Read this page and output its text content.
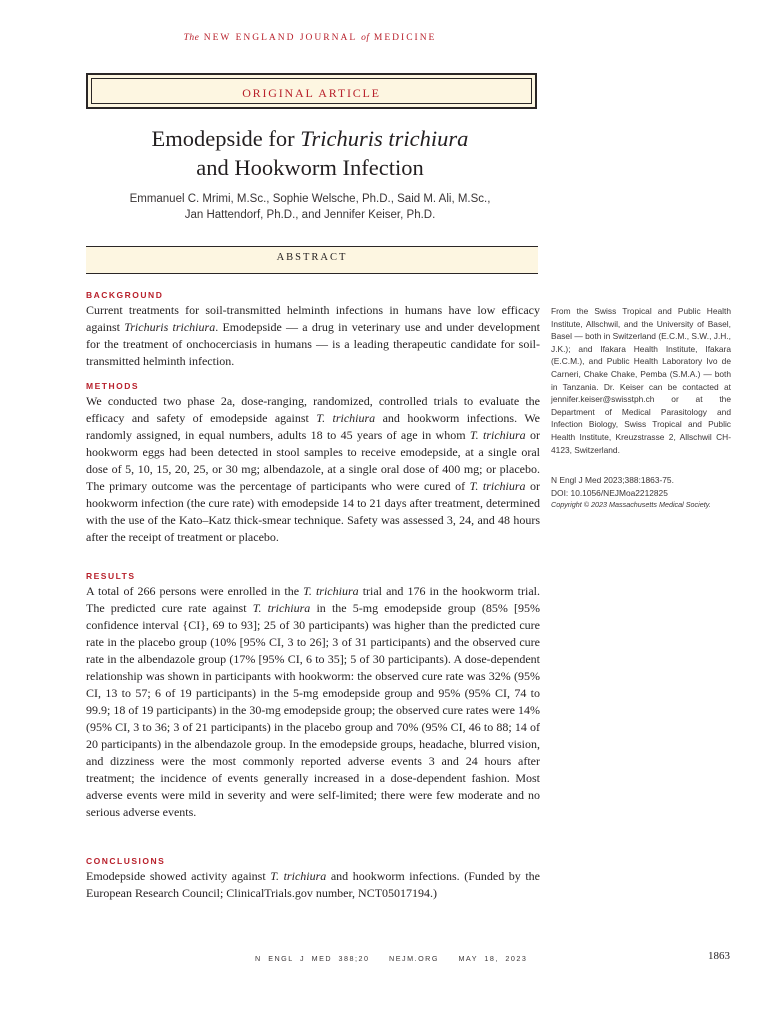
The NEW ENGLAND JOURNAL of MEDICINE
ORIGINAL ARTICLE
Emodepside for Trichuris trichiura
and Hookworm Infection
Emmanuel C. Mrimi, M.Sc., Sophie Welsche, Ph.D., Said M. Ali, M.Sc.,
Jan Hattendorf, Ph.D., and Jennifer Keiser, Ph.D.
ABSTRACT
BACKGROUND
Current treatments for soil-transmitted helminth infections in humans have low efficacy against Trichuris trichiura. Emodepside — a drug in veterinary use and under development for the treatment of onchocerciasis in humans — is a leading therapeutic candidate for soil-transmitted helminth infection.
METHODS
We conducted two phase 2a, dose-ranging, randomized, controlled trials to evaluate the efficacy and safety of emodepside against T. trichiura and hookworm infections. We randomly assigned, in equal numbers, adults 18 to 45 years of age in whom T. trichiura or hookworm eggs had been detected in stool samples to receive emodepside, at a single oral dose of 5, 10, 15, 20, 25, or 30 mg; albendazole, at a single oral dose of 400 mg; or placebo. The primary outcome was the percentage of participants who were cured of T. trichiura or hookworm infection (the cure rate) with emodepside 14 to 21 days after treatment, determined with the use of the Kato–Katz thick-smear technique. Safety was assessed 3, 24, and 48 hours after the receipt of treatment or placebo.
RESULTS
A total of 266 persons were enrolled in the T. trichiura trial and 176 in the hookworm trial. The predicted cure rate against T. trichiura in the 5-mg emodepside group (85% [95% confidence interval {CI}, 69 to 93]; 25 of 30 participants) was higher than the predicted cure rate in the placebo group (10% [95% CI, 3 to 26]; 3 of 31 participants) and the observed cure rate in the albendazole group (17% [95% CI, 6 to 35]; 5 of 30 participants). A dose-dependent relationship was shown in participants with hookworm: the observed cure rate was 32% (95% CI, 13 to 57; 6 of 19 participants) in the 5-mg emodepside group and 95% (95% CI, 74 to 99.9; 18 of 19 participants) in the 30-mg emodepside group; the observed cure rates were 14% (95% CI, 3 to 36; 3 of 21 participants) in the placebo group and 70% (95% CI, 46 to 88; 14 of 20 participants) in the albendazole group. In the emodepside groups, headache, blurred vision, and dizziness were the most commonly reported adverse events 3 and 24 hours after treatment; the incidence of events generally increased in a dose-dependent fashion. Most adverse events were mild in severity and were self-limited; there were few moderate and no serious adverse events.
CONCLUSIONS
Emodepside showed activity against T. trichiura and hookworm infections. (Funded by the European Research Council; ClinicalTrials.gov number, NCT05017194.)

From the Swiss Tropical and Public Health Institute, Allschwil, and the University of Basel, Basel — both in Switzerland (E.C.M., S.W., J.H., J.K.); and Ifakara Health Institute, Ifakara (E.C.M.), and Public Health Laboratory Ivo de Carneri, Chake Chake, Pemba (S.M.A.) — both in Tanzania. Dr. Keiser can be contacted at jennifer.keiser@swisstph.ch or at the Department of Medical Parasitology and Infection Biology, Swiss Tropical and Public Health Institute, Kreuzstrasse 2, Allschwil CH-4123, Switzerland.

N Engl J Med 2023;388:1863-75.
DOI: 10.1056/NEJMoa2212825
Copyright © 2023 Massachusetts Medical Society.
N ENGL J MED 388;20   NEJM.ORG   MAY 18, 2023	1863
